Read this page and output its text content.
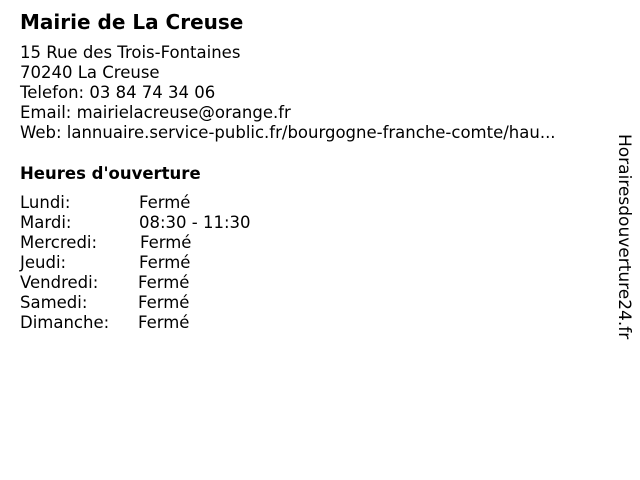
Mairie de La Creuse
15 Rue des Trois-Fontaines
70240 La Creuse
Telefon: 03 84 74 34 06
Email: mairielacreuse@orange.fr
Web: lannuaire.service-public.fr/bourgogne-franche-comte/hau...
Heures d'ouverture
Lundi:	Fermé
Mardi:	08:30 - 11:30
Mercredi:	Fermé
Jeudi:	Fermé
Vendredi: Fermé
Samedi:	Fermé
Dimanche: Fermé	Horairesdouverture24.fr
